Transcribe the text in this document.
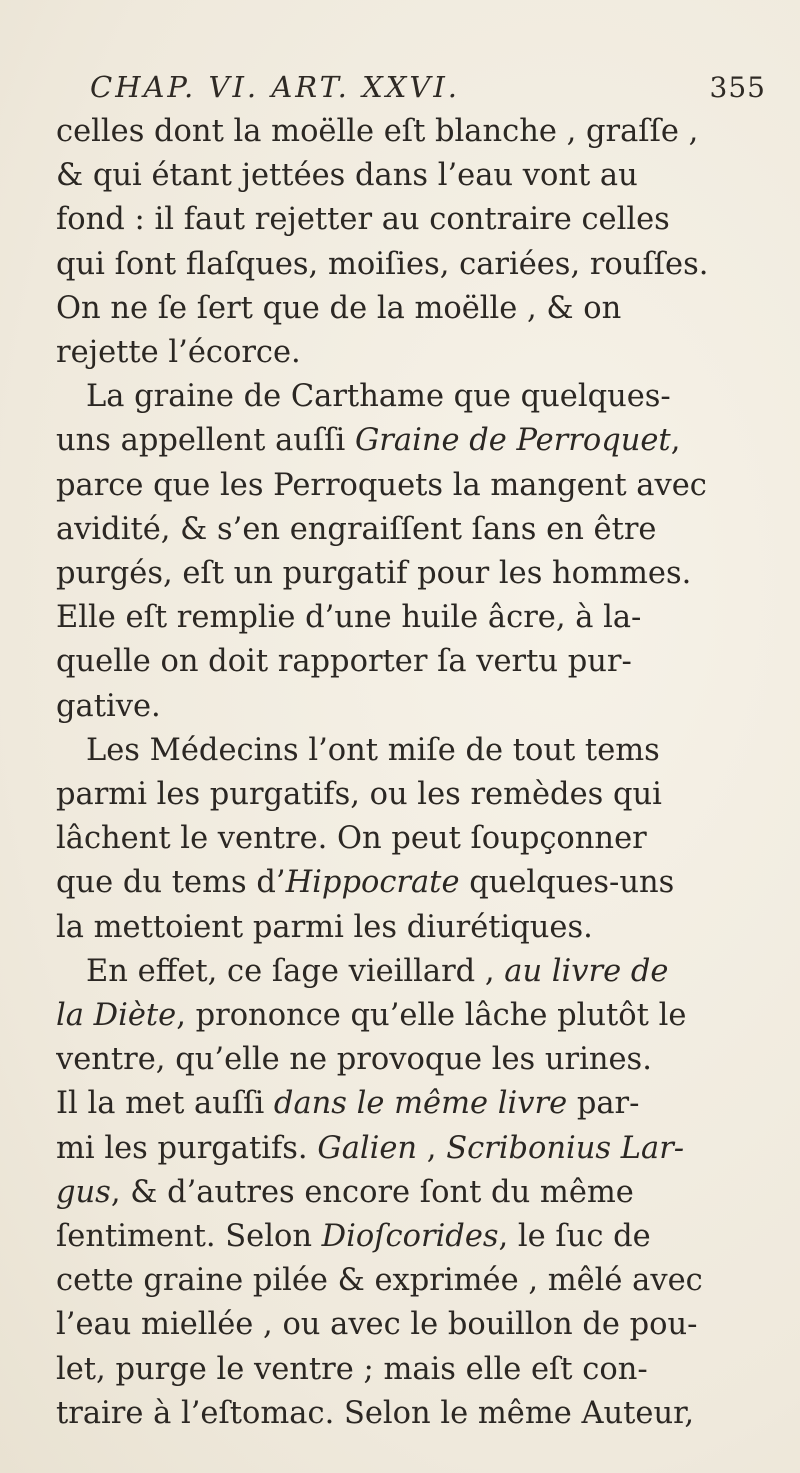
CHAP. VI. ART. XXVI.	355
celles dont la moëlle eſt blanche , graſſe ,
& qui étant jettées dans l’eau vont au
fond : il faut rejetter au contraire celles
qui ſont flaſques, moiſies, cariées, rouſſes.
On ne ſe ſert que de la moëlle , & on
rejette l’écorce.
La graine de Carthame que quelques-
uns appellent auſſi Graine de Perroquet,
parce que les Perroquets la mangent avec
avidité, & s’en engraiſſent ſans en être
purgés, eſt un purgatif pour les hommes.
Elle eſt remplie d’une huile âcre, à la-
quelle on doit rapporter ſa vertu pur-
gative.
Les Médecins l’ont miſe de tout tems
parmi les purgatifs, ou les remèdes qui
lâchent le ventre. On peut ſoupçonner
que du tems d’Hippocrate quelques-uns
la mettoient parmi les diurétiques.
En effet, ce ſage vieillard , au livre de
la Diète, prononce qu’elle lâche plutôt le
ventre, qu’elle ne provoque les urines.
Il la met auſſi dans le même livre par-
mi les purgatifs. Galien , Scribonius Lar-
gus, & d’autres encore ſont du même
ſentiment. Selon Dioſcorides, le ſuc de
cette graine pilée & exprimée , mêlé avec
l’eau miellée , ou avec le bouillon de pou-
let, purge le ventre ; mais elle eſt con-
traire à l’eſtomac. Selon le même Auteur,
